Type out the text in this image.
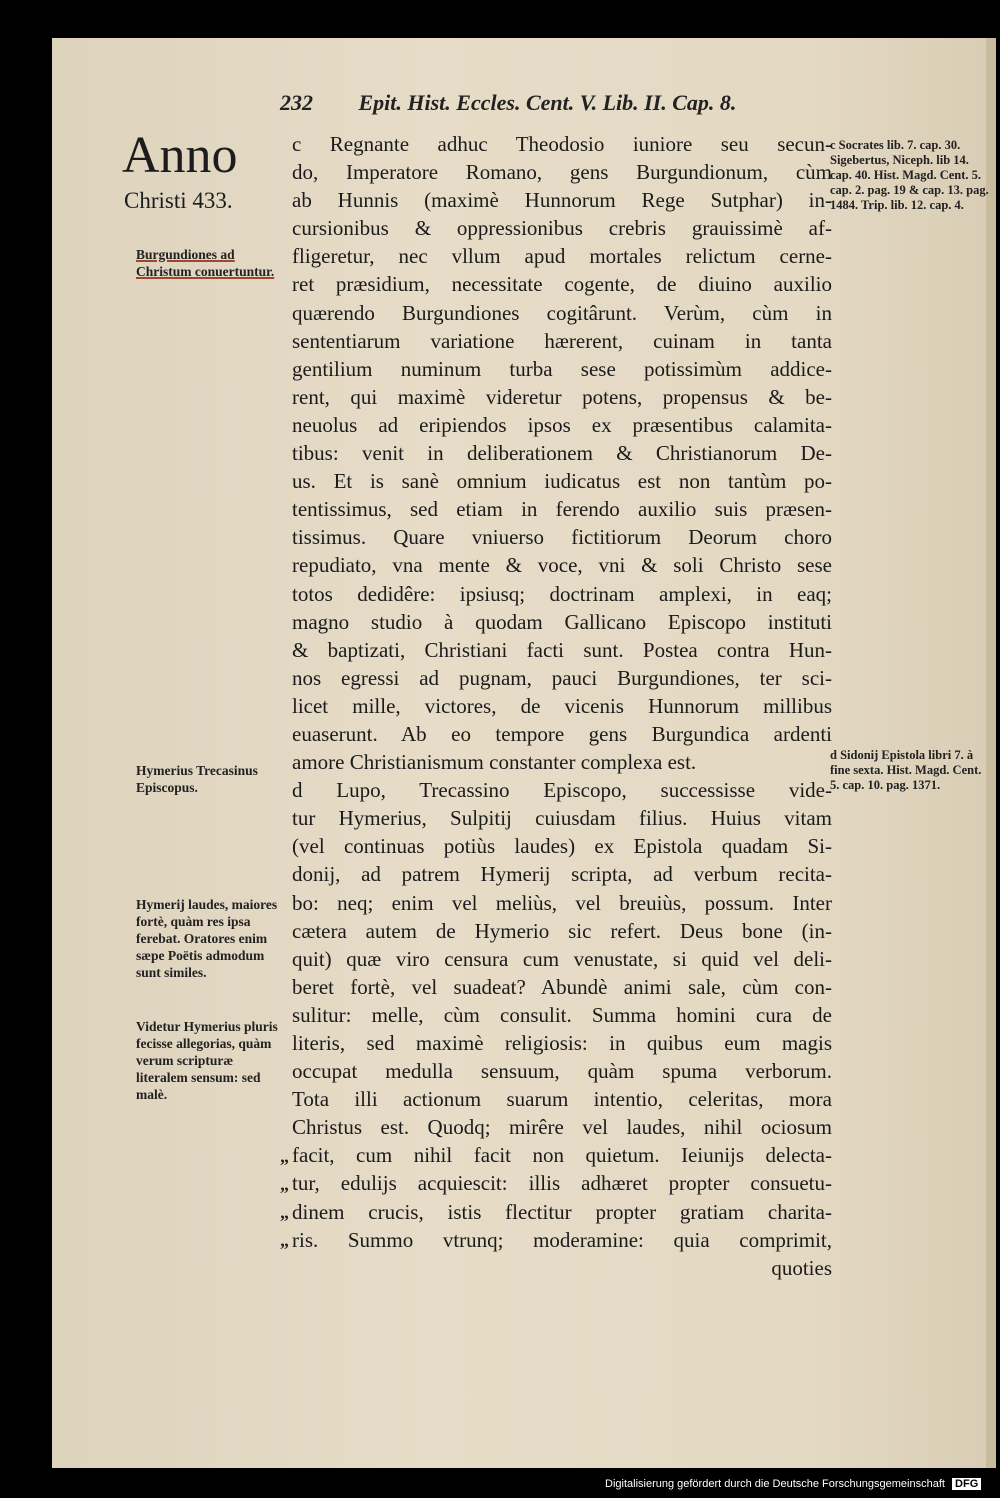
232 Epit. Hist. Eccles. Cent. V. Lib. II. Cap. 8.
Anno
Christi 433.
Burgundiones ad Christum conuertuntur.
Hymerius Trecasinus Episcopus.
Hymerij laudes, maiores fortè, quàm res ipsa ferebat. Oratores enim sæpe Poëtis admodum sunt similes.
Videtur Hymerius pluris fecisse allegorias, quàm verum scripturæ literalem sensum: sed malè.
c Socrates lib. 7. cap. 30. Sigebertus, Niceph. lib 14. cap. 40. Hist. Magd. Cent. 5. cap. 2. pag. 19 & cap. 13. pag. 1484. Trip. lib. 12. cap. 4.
d Sidonij Epistola libri 7. à fine sexta. Hist. Magd. Cent. 5. cap. 10. pag. 1371.

c Regnante adhuc Theodosio iuniore seu secun-

do, Imperatore Romano, gens Burgundionum, cùm

ab Hunnis (maximè Hunnorum Rege Sutphar) in-

cursionibus & oppressionibus crebris grauissimè af-

fligeretur, nec vllum apud mortales relictum cerne-

ret præsidium, necessitate cogente, de diuino auxilio

quærendo Burgundiones cogitârunt. Verùm, cùm in

sententiarum variatione hærerent, cuinam in tanta

gentilium numinum turba sese potissimùm addice-

rent, qui maximè videretur potens, propensus & be-

neuolus ad eripiendos ipsos ex præsentibus calamita-

tibus: venit in deliberationem & Christianorum De-

us. Et is sanè omnium iudicatus est non tantùm po-

tentissimus, sed etiam in ferendo auxilio suis præsen-

tissimus. Quare vniuerso fictitiorum Deorum choro

repudiato, vna mente & voce, vni & soli Christo sese

totos dedidêre: ipsiusq; doctrinam amplexi, in eaq;

magno studio à quodam Gallicano Episcopo instituti

& baptizati, Christiani facti sunt. Postea contra Hun-

nos egressi ad pugnam, pauci Burgundiones, ter sci-

licet mille, victores, de vicenis Hunnorum millibus

euaserunt. Ab eo tempore gens Burgundica ardenti

amore Christianismum constanter complexa est.

d Lupo, Trecassino Episcopo, successisse vide-

tur Hymerius, Sulpitij cuiusdam filius. Huius vitam

(vel continuas potiùs laudes) ex Epistola quadam Si-

donij, ad patrem Hymerij scripta, ad verbum recita-

bo: neq; enim vel meliùs, vel breuiùs, possum. Inter

cætera autem de Hymerio sic refert. Deus bone (in-

quit) quæ viro censura cum venustate, si quid vel deli-

beret fortè, vel suadeat? Abundè animi sale, cùm con-

sulitur: melle, cùm consulit. Summa homini cura de

literis, sed maximè religiosis: in quibus eum magis

occupat medulla sensuum, quàm spuma verborum.

Tota illi actionum suarum intentio, celeritas, mora

Christus est. Quodq; mirêre vel laudes, nihil ociosum

facit, cum nihil facit non quietum. Ieiunijs delecta-

tur, edulijs acquiescit: illis adhæret propter consuetu-

dinem crucis, istis flectitur propter gratiam charita-

ris. Summo vtrunq; moderamine: quia comprimit,

quoties

„
„
„
„
Digitalisierung gefördert durch die Deutsche Forschungsgemeinschaft DFG
